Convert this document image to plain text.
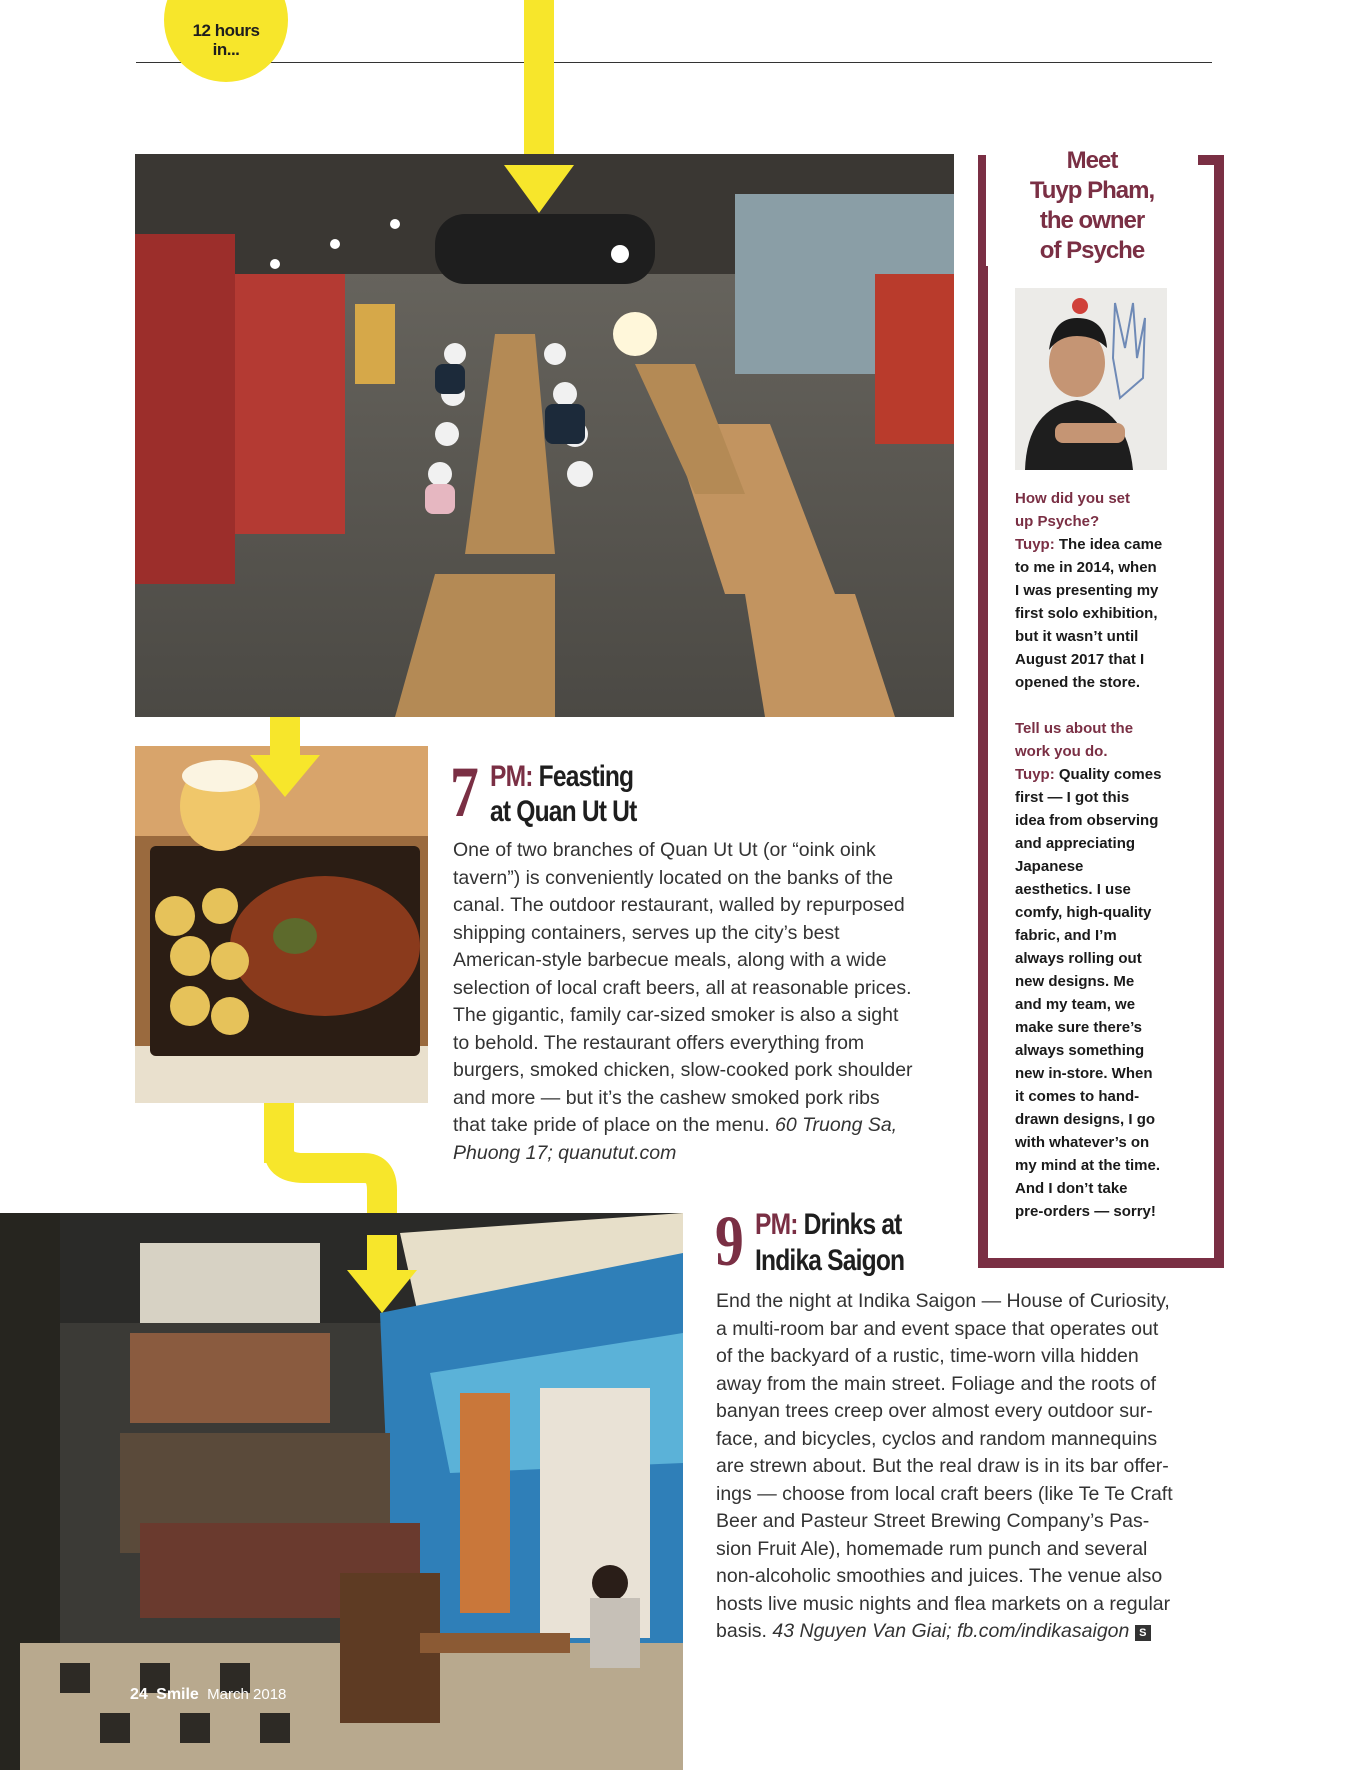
12 hours
in...
7 PM: Feasting
at Quan Ut Ut
One of two branches of Quan Ut Ut (or “oink oink
tavern”) is conveniently located on the banks of the
canal. The outdoor restaurant, walled by repurposed
shipping containers, serves up the city’s best
American-style barbecue meals, along with a wide
selection of local craft beers, all at reasonable prices.
The gigantic, family car-sized smoker is also a sight
to behold. The restaurant offers everything from
burgers, smoked chicken, slow-cooked pork shoulder
and more — but it’s the cashew smoked pork ribs
that take pride of place on the menu. 60 Truong Sa,
Phuong 17; quanutut.com
9 PM: Drinks at
Indika Saigon
End the night at Indika Saigon — House of Curiosity,
a multi-room bar and event space that operates out
of the backyard of a rustic, time-worn villa hidden
away from the main street. Foliage and the roots of
banyan trees creep over almost every outdoor sur-
face, and bicycles, cyclos and random mannequins
are strewn about. But the real draw is in its bar offer-
ings — choose from local craft beers (like Te Te Craft
Beer and Pasteur Street Brewing Company’s Pas-
sion Fruit Ale), homemade rum punch and several
non-alcoholic smoothies and juices. The venue also
hosts live music nights and flea markets on a regular
basis. 43 Nguyen Van Giai; fb.com/indikasaigon S
Meet
Tuyp Pham,
the owner
of Psyche
How did you set
up Psyche?
Tuyp: The idea came
to me in 2014, when
I was presenting my
first solo exhibition,
but it wasn’t until
August 2017 that I
opened the store.
Tell us about the
work you do.
Tuyp: Quality comes
first — I got this
idea from observing
and appreciating
Japanese
aesthetics. I use
comfy, high-quality
fabric, and I’m
always rolling out
new designs. Me
and my team, we
make sure there’s
always something
new in-store. When
it comes to hand-
drawn designs, I go
with whatever’s on
my mind at the time.
And I don’t take
pre-orders — sorry!
24 Smile March 2018
